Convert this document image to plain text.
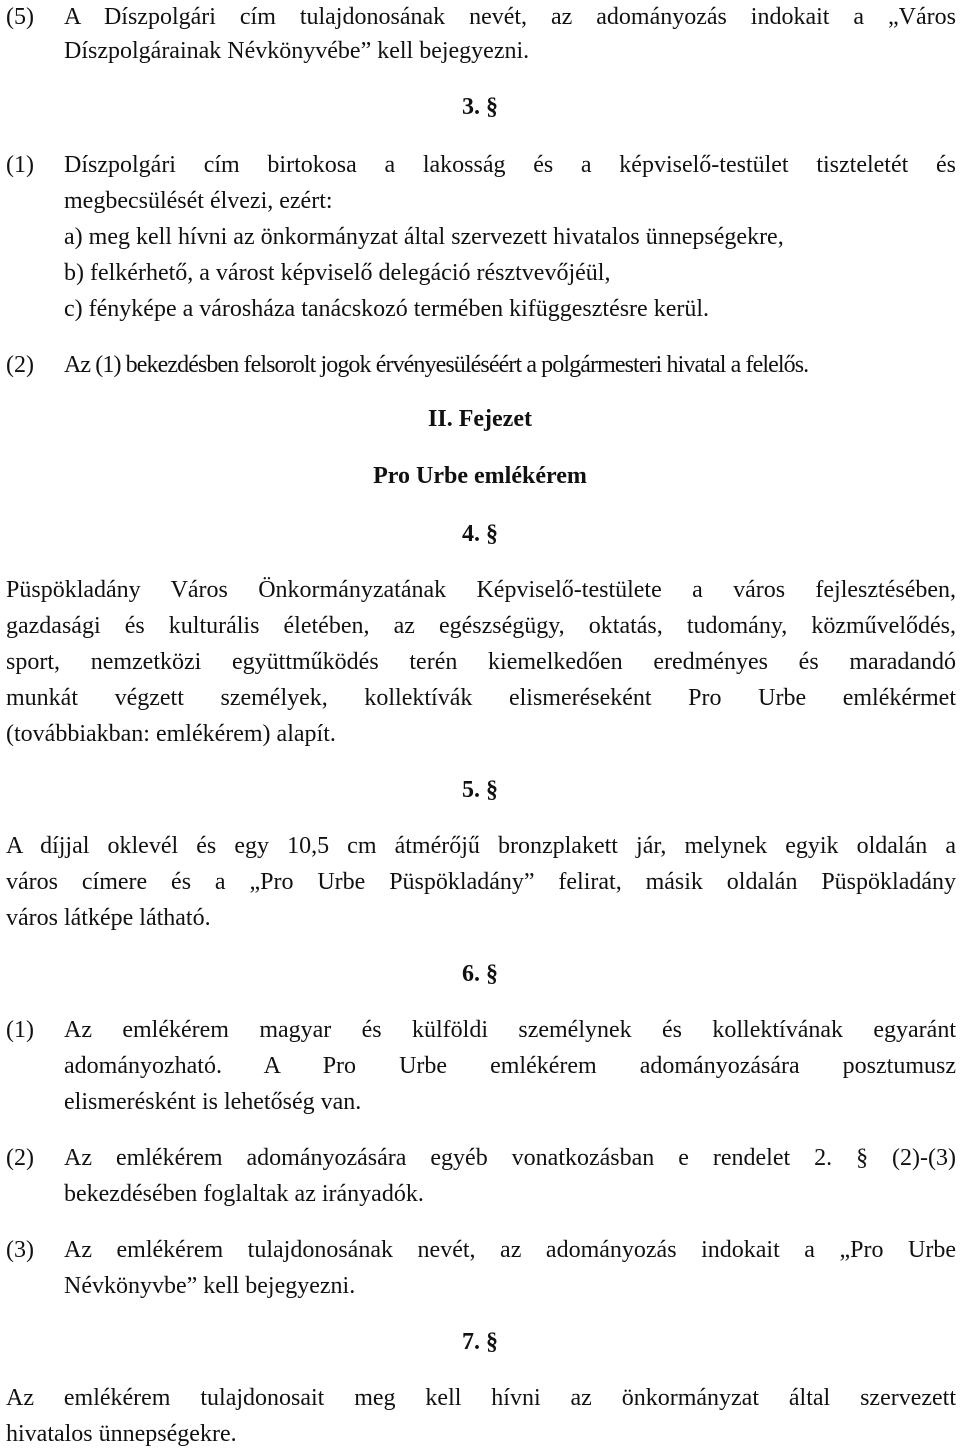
(5) A Díszpolgári cím tulajdonosának nevét, az adományozás indokait a „Város
Díszpolgárainak Névkönyvébe” kell bejegyezni.
3. §
(1) Díszpolgári cím birtokosa a lakosság és a képviselő-testület tiszteletét és
megbecsülését élvezi, ezért:
a) meg kell hívni az önkormányzat által szervezett hivatalos ünnepségekre,
b) felkérhető, a várost képviselő delegáció résztvevőjéül,
c) fényképe a városháza tanácskozó termében kifüggesztésre kerül.
(2) Az (1) bekezdésben felsorolt jogok érvényesüléséért a polgármesteri hivatal a felelős.
II. Fejezet
Pro Urbe emlékérem
4. §
Püspökladány Város Önkormányzatának Képviselő-testülete a város fejlesztésében,
gazdasági és kulturális életében, az egészségügy, oktatás, tudomány, közművelődés,
sport, nemzetközi együttműködés terén kiemelkedően eredményes és maradandó
munkát végzett személyek, kollektívák elismeréseként Pro Urbe emlékérmet
(továbbiakban: emlékérem) alapít.
5. §
A díjjal oklevél és egy 10,5 cm átmérőjű bronzplakett jár, melynek egyik oldalán a
város címere és a „Pro Urbe Püspökladány” felirat, másik oldalán Püspökladány
város látképe látható.
6. §
(1) Az emlékérem magyar és külföldi személynek és kollektívának egyaránt
adományozható. A Pro Urbe emlékérem adományozására posztumusz
elismerésként is lehetőség van.
(2) Az emlékérem adományozására egyéb vonatkozásban e rendelet 2. § (2)-(3)
bekezdésében foglaltak az irányadók.
(3) Az emlékérem tulajdonosának nevét, az adományozás indokait a „Pro Urbe
Névkönyvbe” kell bejegyezni.
7. §
Az emlékérem tulajdonosait meg kell hívni az önkormányzat által szervezett
hivatalos ünnepségekre.
